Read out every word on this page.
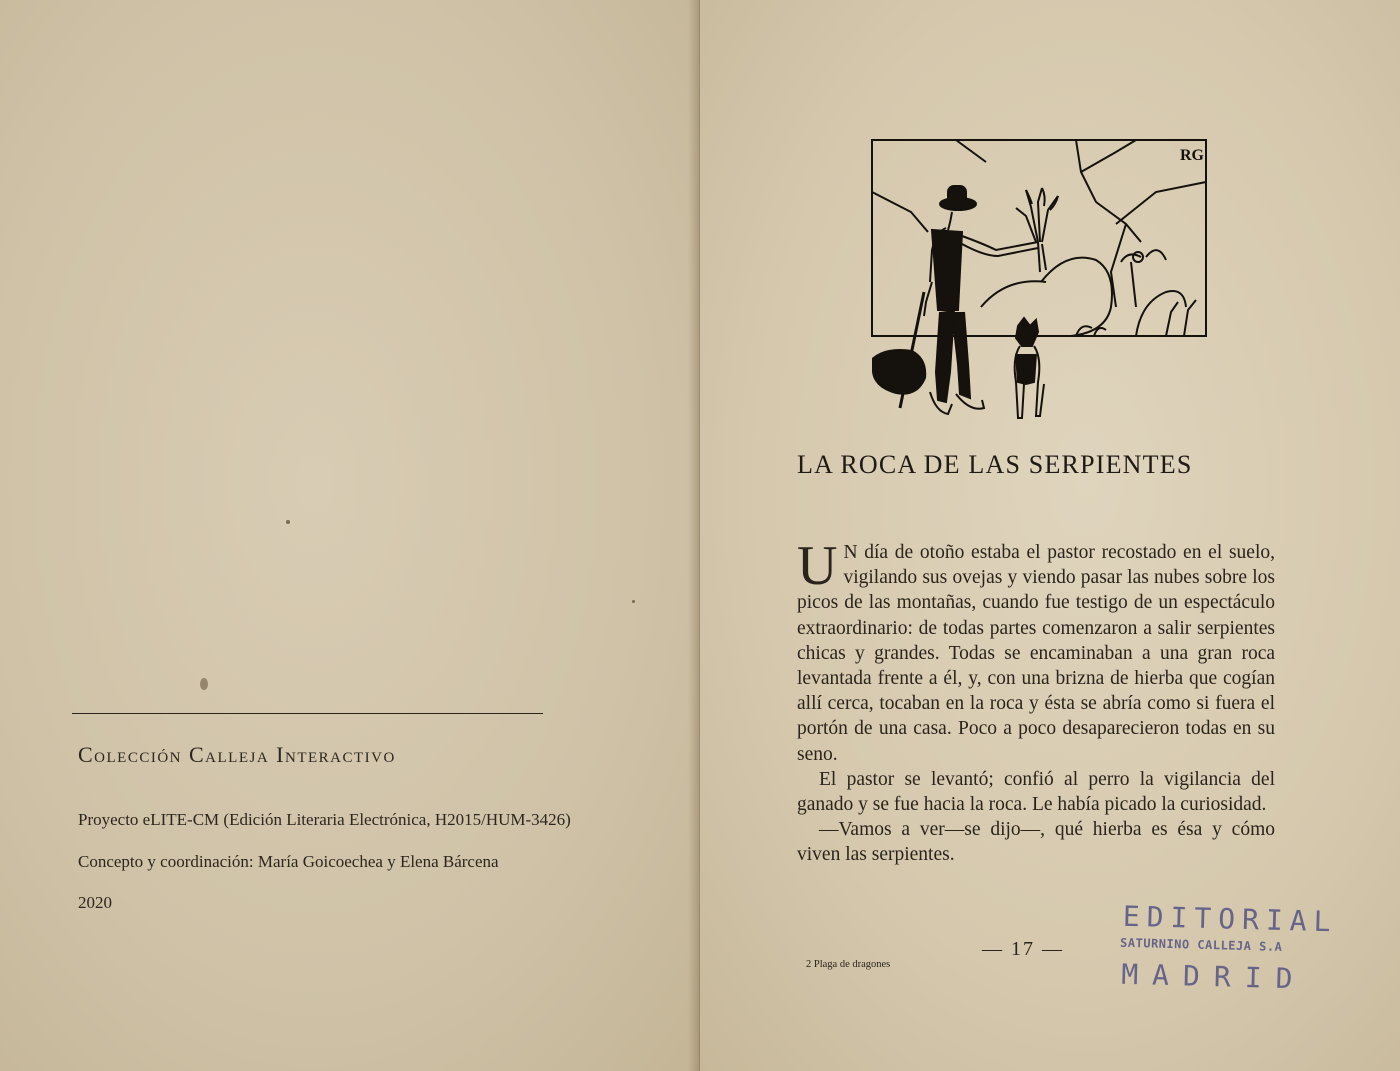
Colección Calleja Interactivo
Proyecto eLITE-CM (Edición Literaria Electrónica, H2015/HUM-3426)
Concepto y coordinación: María Goicoechea y Elena Bárcena
2020
RG
LA ROCA DE LAS SERPIENTES

U N día de otoño estaba el pastor recostado en el suelo, vigilando sus ovejas y viendo pasar las nubes sobre los picos de las montañas, cuando fue testigo de un espectáculo extraordinario: de todas partes comenzaron a salir serpientes chicas y grandes. Todas se encaminaban a una gran roca levantada frente a él, y, con una brizna de hierba que cogían allí cerca, tocaban en la roca y ésta se abría como si fuera el portón de una casa. Poco a poco desaparecieron todas en su seno.

El pastor se levantó; confió al perro la vigilancia del ganado y se fue hacia la roca. Le había picado la curiosidad.

—Vamos a ver—se dijo—, qué hierba es ésa y cómo viven las serpientes.

2 Plaga de dragones
— 17 —
EDITORIAL
SATURNINO CALLEJA S.A
MADRID
